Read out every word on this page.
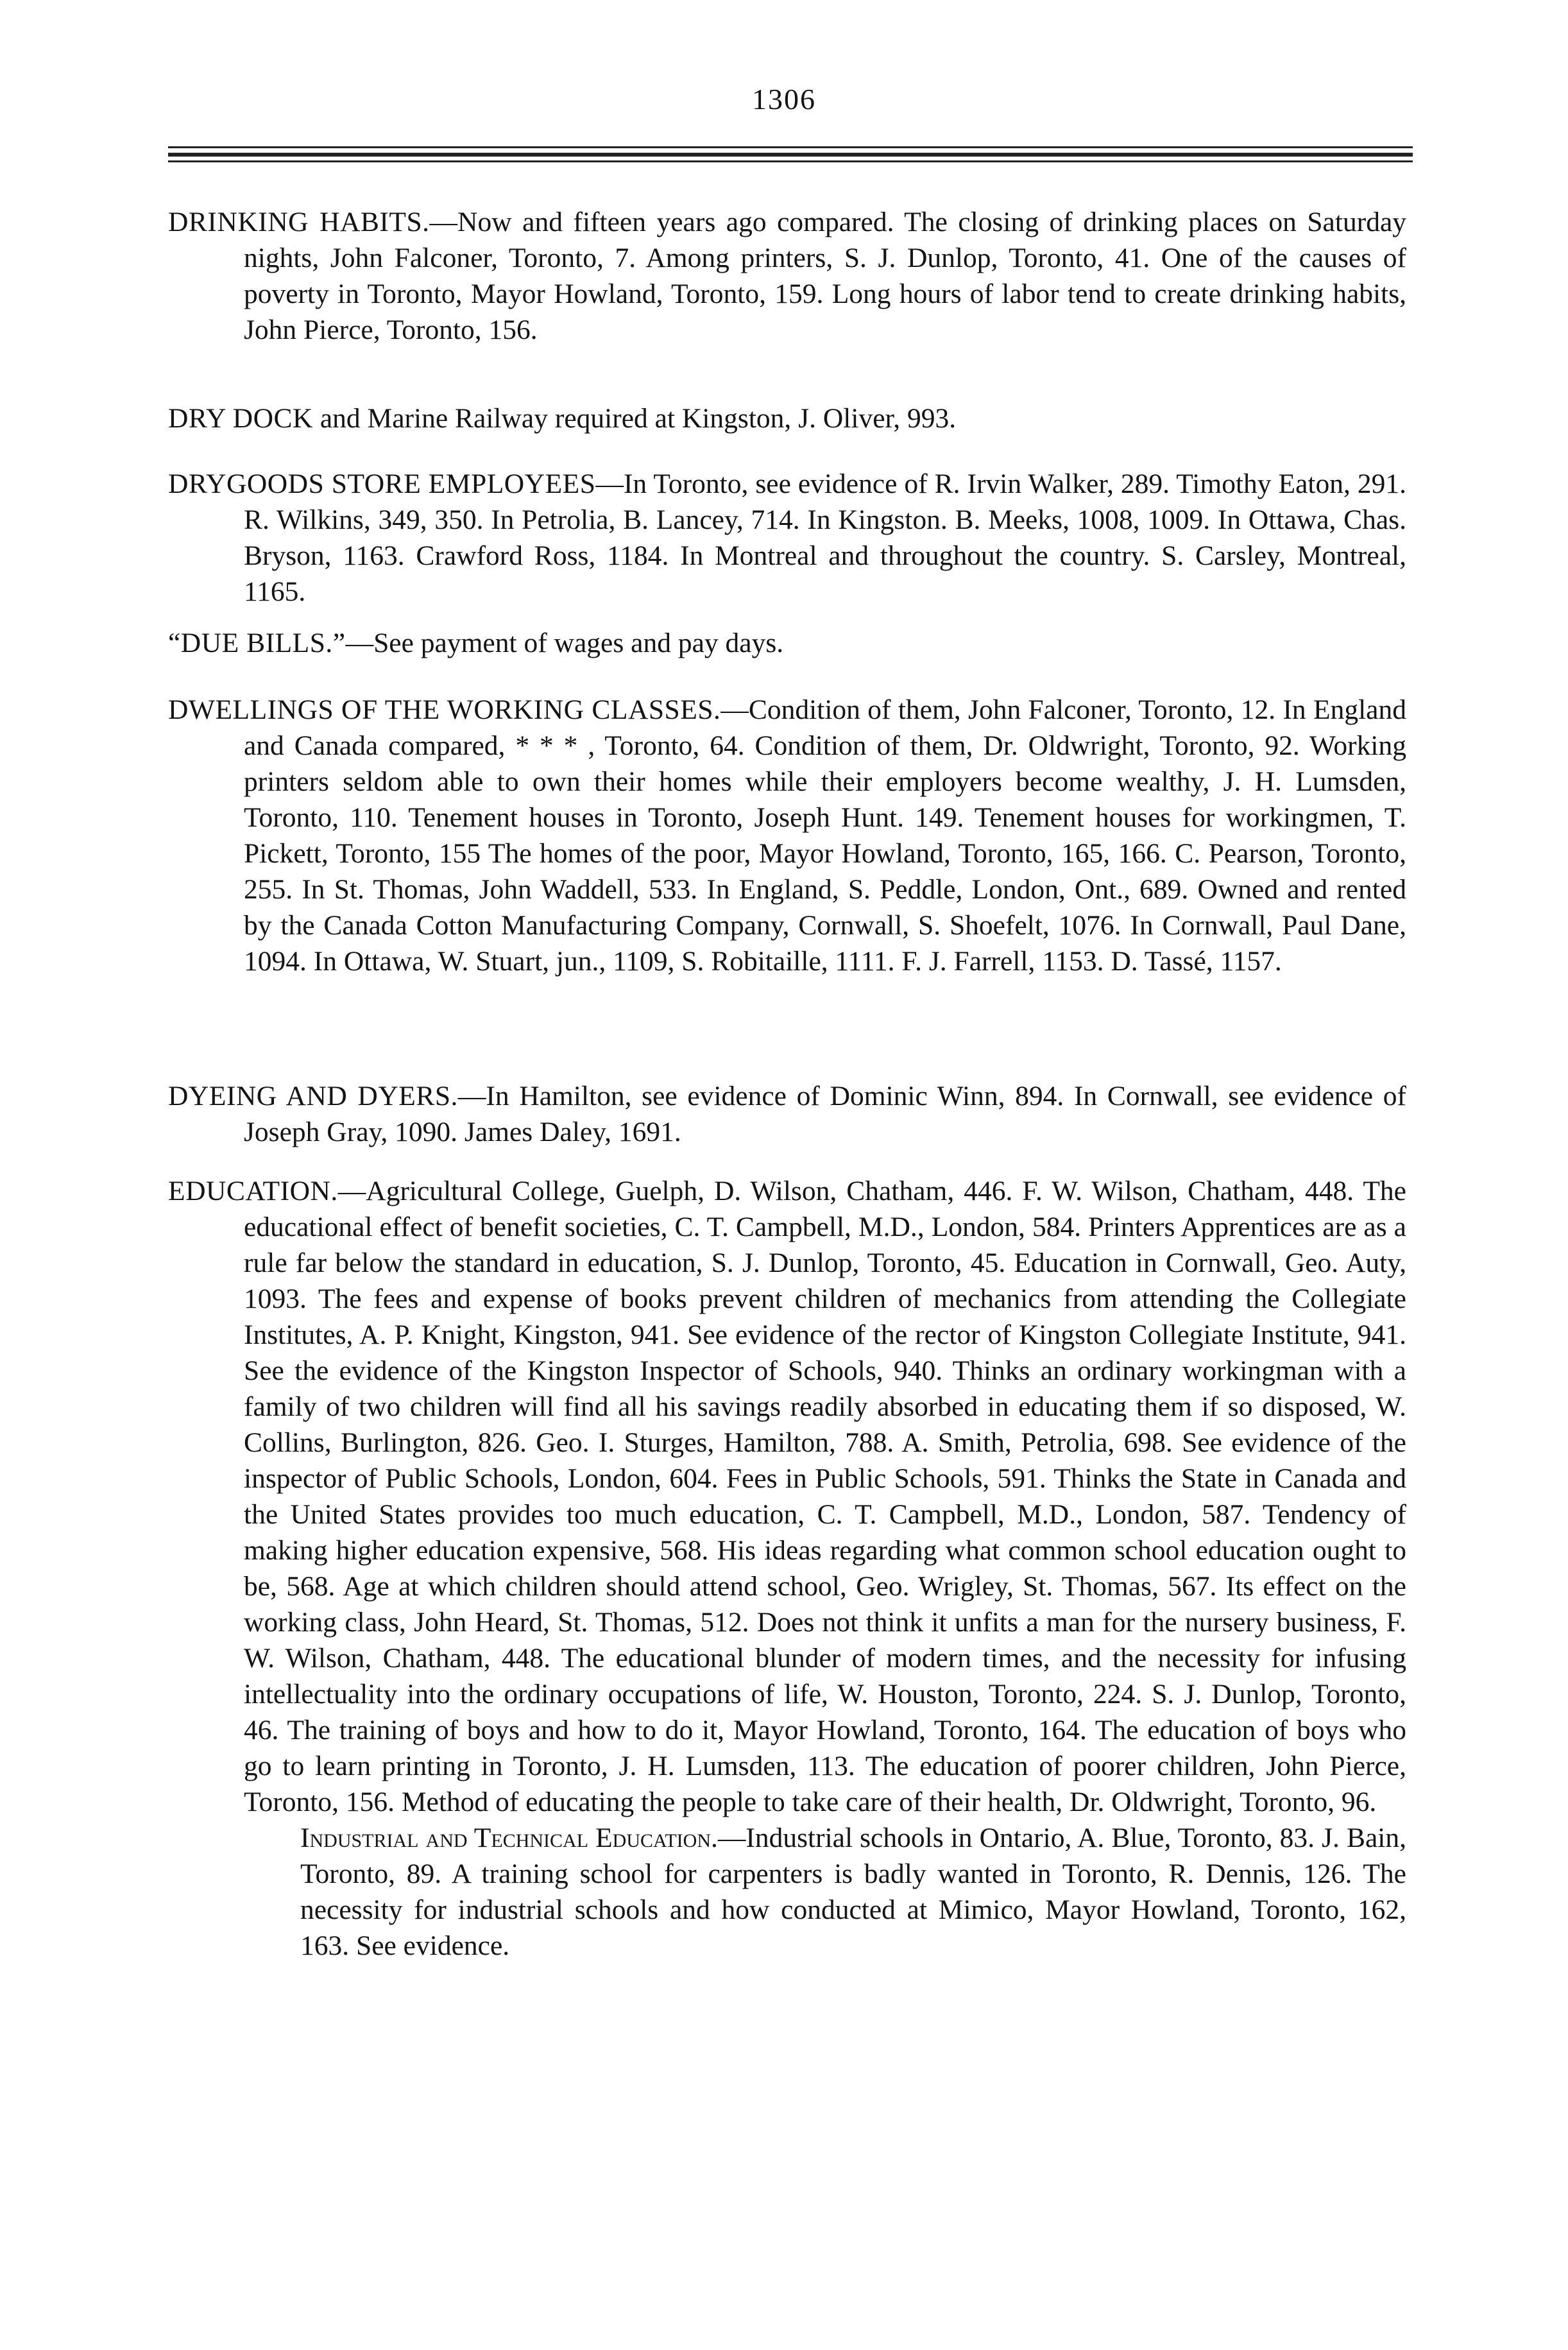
1306
DRINKING HABITS.—Now and fifteen years ago compared. The closing of drinking places on Saturday nights, John Falconer, Toronto, 7. Among printers, S. J. Dunlop, Toronto, 41. One of the causes of poverty in Toronto, Mayor Howland, Toronto, 159. Long hours of labor tend to create drinking habits, John Pierce, Toronto, 156.
DRY DOCK and Marine Railway required at Kingston, J. Oliver, 993.
DRYGOODS STORE EMPLOYEES—In Toronto, see evidence of R. Irvin Walker, 289. Timothy Eaton, 291. R. Wilkins, 349, 350. In Petrolia, B. Lancey, 714. In Kingston. B. Meeks, 1008, 1009. In Ottawa, Chas. Bryson, 1163. Crawford Ross, 1184. In Montreal and throughout the country. S. Carsley, Montreal, 1165.
“DUE BILLS.”—See payment of wages and pay days.
DWELLINGS OF THE WORKING CLASSES.—Condition of them, John Falconer, Toronto, 12. In England and Canada compared, * * * , Toronto, 64. Condition of them, Dr. Oldwright, Toronto, 92. Working printers seldom able to own their homes while their employers become wealthy, J. H. Lumsden, Toronto, 110. Tenement houses in Toronto, Joseph Hunt. 149. Tenement houses for workingmen, T. Pickett, Toronto, 155 The homes of the poor, Mayor Howland, Toronto, 165, 166. C. Pearson, Toronto, 255. In St. Thomas, John Waddell, 533. In England, S. Peddle, London, Ont., 689. Owned and rented by the Canada Cotton Manufacturing Company, Cornwall, S. Shoefelt, 1076. In Cornwall, Paul Dane, 1094. In Ottawa, W. Stuart, jun., 1109, S. Robitaille, 1111. F. J. Farrell, 1153. D. Tassé, 1157.
DYEING AND DYERS.—In Hamilton, see evidence of Dominic Winn, 894. In Cornwall, see evidence of Joseph Gray, 1090. James Daley, 1691.
EDUCATION.—Agricultural College, Guelph, D. Wilson, Chatham, 446. F. W. Wilson, Chatham, 448. The educational effect of benefit societies, C. T. Campbell, M.D., London, 584. Printers Apprentices are as a rule far below the standard in education, S. J. Dunlop, Toronto, 45. Education in Cornwall, Geo. Auty, 1093. The fees and expense of books prevent children of mechanics from attending the Collegiate Institutes, A. P. Knight, Kingston, 941. See evidence of the rector of Kingston Collegiate Institute, 941. See the evidence of the Kingston Inspector of Schools, 940. Thinks an ordinary workingman with a family of two children will find all his savings readily absorbed in educating them if so disposed, W. Collins, Burlington, 826. Geo. I. Sturges, Hamilton, 788. A. Smith, Petrolia, 698. See evidence of the inspector of Public Schools, London, 604. Fees in Public Schools, 591. Thinks the State in Canada and the United States provides too much education, C. T. Campbell, M.D., London, 587. Tendency of making higher education expensive, 568. His ideas regarding what common school education ought to be, 568. Age at which children should attend school, Geo. Wrigley, St. Thomas, 567. Its effect on the working class, John Heard, St. Thomas, 512. Does not think it unfits a man for the nursery business, F. W. Wilson, Chatham, 448. The educational blunder of modern times, and the necessity for infusing intellectuality into the ordinary occupations of life, W. Houston, Toronto, 224. S. J. Dunlop, Toronto, 46. The training of boys and how to do it, Mayor Howland, Toronto, 164. The education of boys who go to learn printing in Toronto, J. H. Lumsden, 113. The education of poorer children, John Pierce, Toronto, 156. Method of educating the people to take care of their health, Dr. Oldwright, Toronto, 96.
Industrial and Technical Education.—Industrial schools in Ontario, A. Blue, Toronto, 83. J. Bain, Toronto, 89. A training school for carpenters is badly wanted in Toronto, R. Dennis, 126. The necessity for industrial schools and how conducted at Mimico, Mayor Howland, Toronto, 162, 163. See evidence.
